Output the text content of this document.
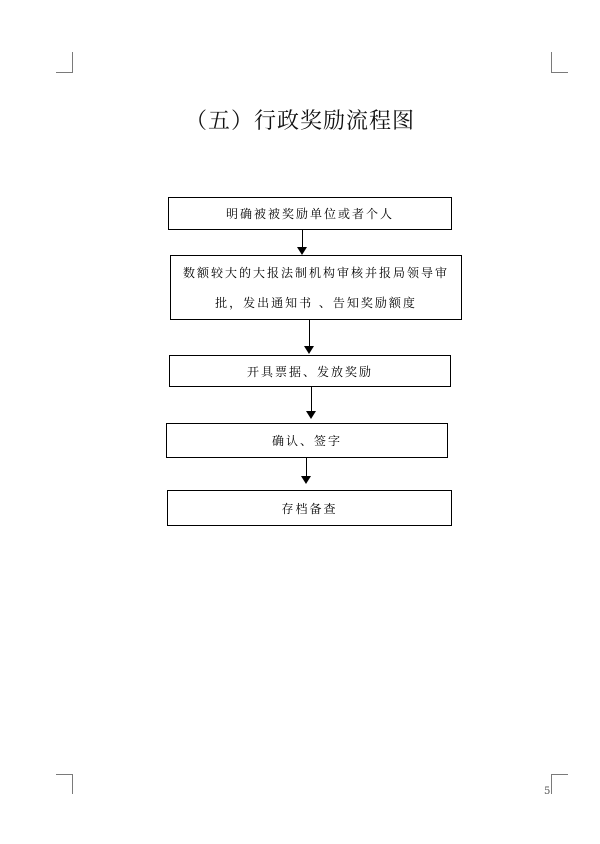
（五）行政奖励流程图
明确被被奖励单位或者个人
数额较大的大报法制机构审核并报局领导审
批，发出通知书 、告知奖励额度
开具票据、发放奖励
确认、签字
存档备查
5
